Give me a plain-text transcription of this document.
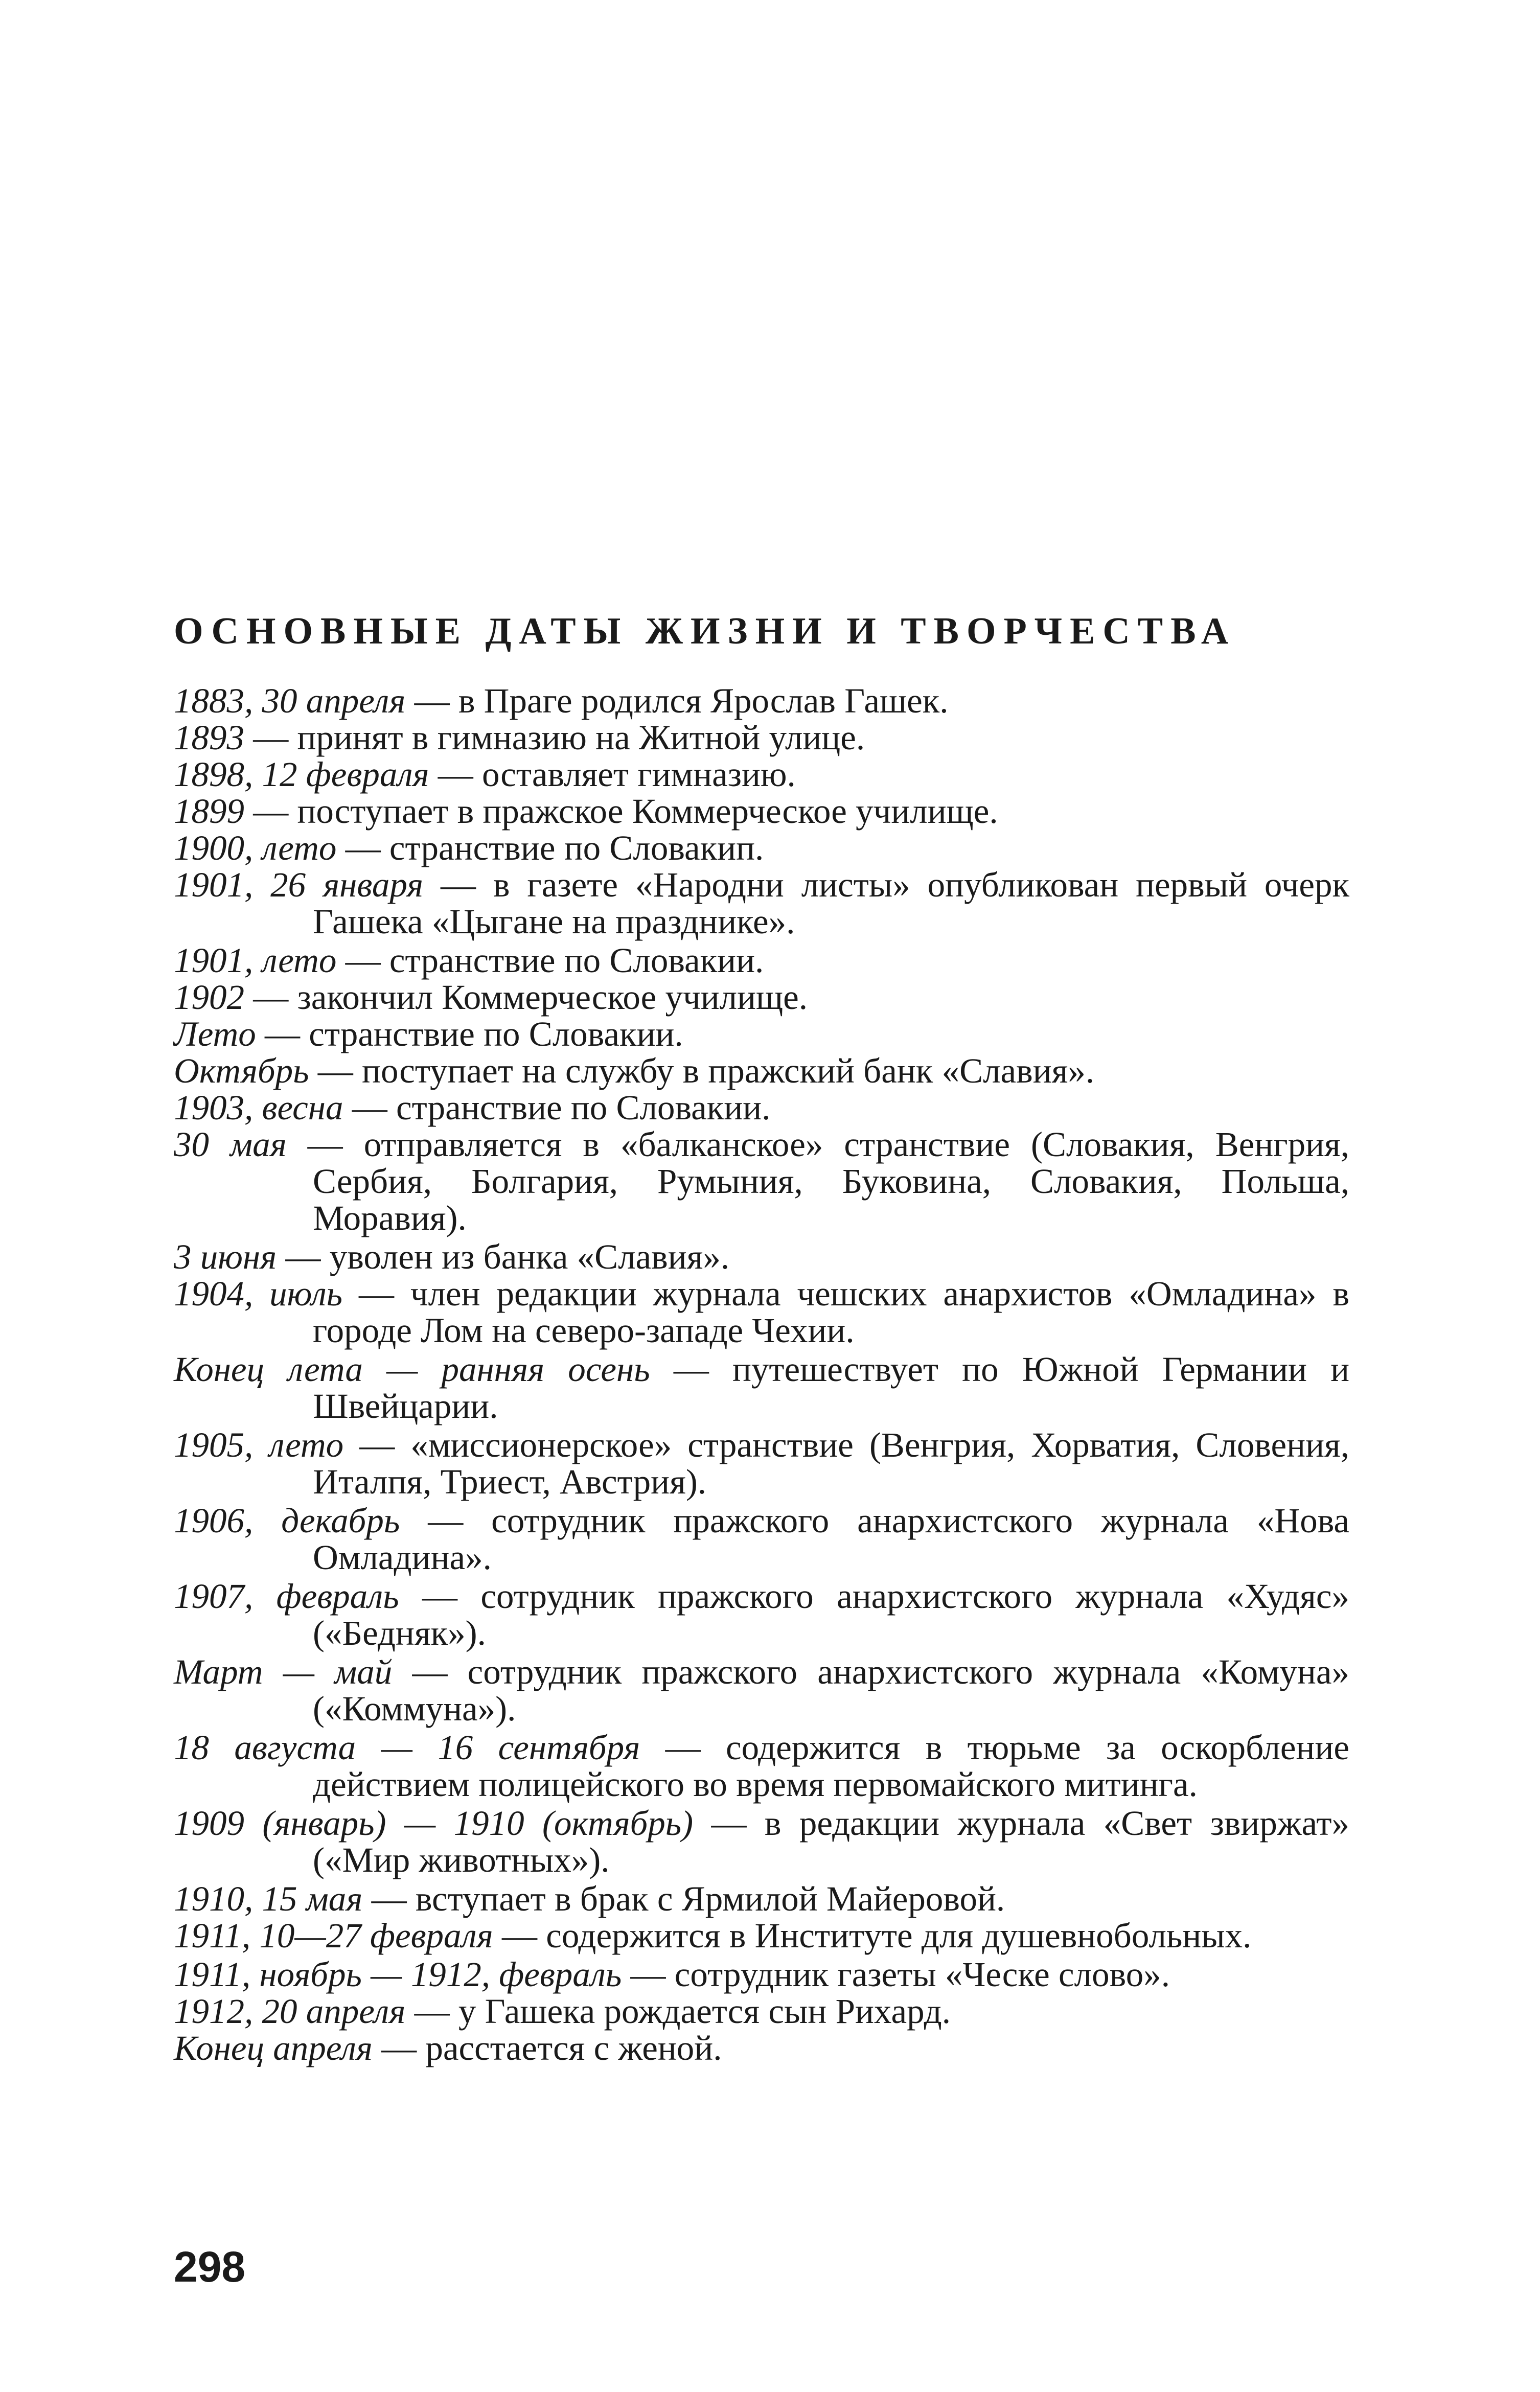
ОСНОВНЫЕ ДАТЫ ЖИЗНИ И ТВОРЧЕСТВА

1883, 30 апреля — в Праге родился Ярослав Гашек.

1893 — принят в гимназию на Житной улице.

1898, 12 февраля — оставляет гимназию.

1899 — поступает в пражское Коммерческое училище.

1900, лето — странствие по Словакип.

1901, 26 января — в газете «Народни листы» опубликован первый очерк Гашека «Цыгане на празднике».

1901, лето — странствие по Словакии.

1902 — закончил Коммерческое училище.

Лето — странствие по Словакии.

Октябрь — поступает на службу в пражский банк «Славия».

1903, весна — странствие по Словакии.

30 мая — отправляется в «балканское» странствие (Словакия, Венгрия, Сербия, Болгария, Румыния, Буковина, Словакия, Польша, Моравия).

3 июня — уволен из банка «Славия».

1904, июль — член редакции журнала чешских анархистов «Омладина» в городе Лом на северо-западе Чехии.

Конец лета — ранняя осень — путешествует по Южной Германии и Швейцарии.

1905, лето — «миссионерское» странствие (Венгрия, Хорватия, Словения, Италпя, Триест, Австрия).

1906, декабрь — сотрудник пражского анархистского журнала «Нова Омладина».

1907, февраль — сотрудник пражского анархистского журнала «Худяс» («Бедняк»).

Март — май — сотрудник пражского анархистского журнала «Комуна» («Коммуна»).

18 августа — 16 сентября — содержится в тюрьме за оскорбление действием полицейского во время первомайского митинга.

1909 (январь) — 1910 (октябрь) — в редакции журнала «Свет звиржат» («Мир животных»).

1910, 15 мая — вступает в брак с Ярмилой Майеровой.

1911, 10—27 февраля — содержится в Институте для душевнобольных.

1911, ноябрь — 1912, февраль — сотрудник газеты «Ческе слово».

1912, 20 апреля — у Гашека рождается сын Рихард.

Конец апреля — расстается с женой.

298
